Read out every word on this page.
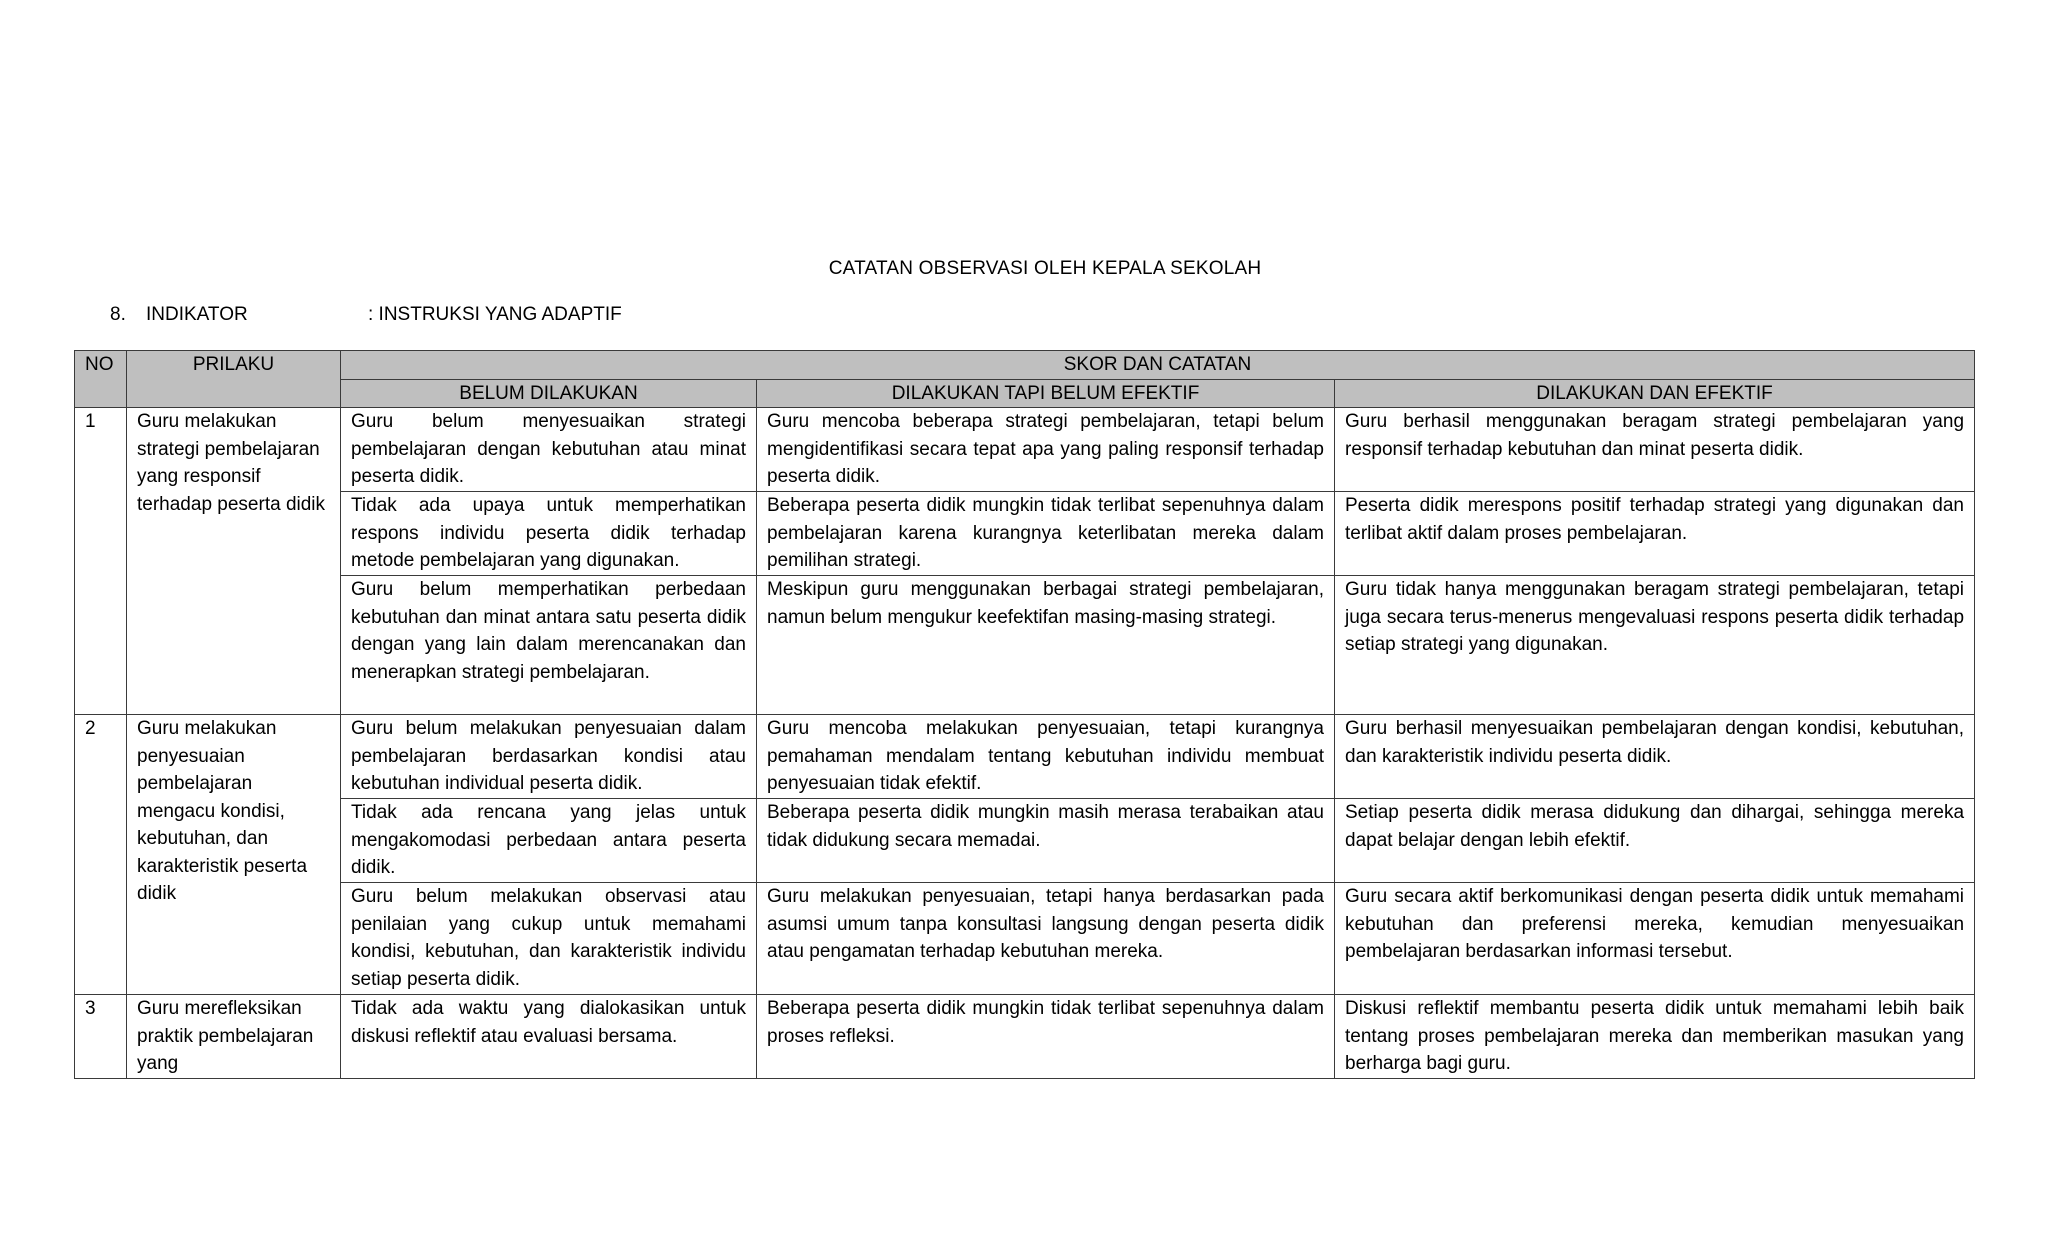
CATATAN OBSERVASI OLEH KEPALA SEKOLAH
8. INDIKATOR	: INSTRUKSI YANG ADAPTIF
NO	PRILAKU	SKOR DAN CATATAN		
		BELUM DILAKUKAN	DILAKUKAN TAPI BELUM EFEKTIF	DILAKUKAN DAN EFEKTIF
1	Guru melakukan strategi pembelajaran yang responsif terhadap peserta didik	Guru belum menyesuaikan strategi pembelajaran dengan kebutuhan atau minat peserta didik.	Guru mencoba beberapa strategi pembelajaran, tetapi belum mengidentifikasi secara tepat apa yang paling responsif terhadap peserta didik.	Guru berhasil menggunakan beragam strategi pembelajaran yang responsif terhadap kebutuhan dan minat peserta didik.
		Tidak ada upaya untuk memperhatikan respons individu peserta didik terhadap metode pembelajaran yang digunakan.	Beberapa peserta didik mungkin tidak terlibat sepenuhnya dalam pembelajaran karena kurangnya keterlibatan mereka dalam pemilihan strategi.	Peserta didik merespons positif terhadap strategi yang digunakan dan terlibat aktif dalam proses pembelajaran.
		Guru belum memperhatikan perbedaan kebutuhan dan minat antara satu peserta didik dengan yang lain dalam merencanakan dan menerapkan strategi pembelajaran.	Meskipun guru menggunakan berbagai strategi pembelajaran, namun belum mengukur keefektifan masing-masing strategi.	Guru tidak hanya menggunakan beragam strategi pembelajaran, tetapi juga secara terus-menerus mengevaluasi respons peserta didik terhadap setiap strategi yang digunakan.
2	Guru melakukan penyesuaian pembelajaran mengacu kondisi, kebutuhan, dan karakteristik peserta didik	Guru belum melakukan penyesuaian dalam pembelajaran berdasarkan kondisi atau kebutuhan individual peserta didik.	Guru mencoba melakukan penyesuaian, tetapi kurangnya pemahaman mendalam tentang kebutuhan individu membuat penyesuaian tidak efektif.	Guru berhasil menyesuaikan pembelajaran dengan kondisi, kebutuhan, dan karakteristik individu peserta didik.
		Tidak ada rencana yang jelas untuk mengakomodasi perbedaan antara peserta didik.	Beberapa peserta didik mungkin masih merasa terabaikan atau tidak didukung secara memadai.	Setiap peserta didik merasa didukung dan dihargai, sehingga mereka dapat belajar dengan lebih efektif.
		Guru belum melakukan observasi atau penilaian yang cukup untuk memahami kondisi, kebutuhan, dan karakteristik individu setiap peserta didik.	Guru melakukan penyesuaian, tetapi hanya berdasarkan pada asumsi umum tanpa konsultasi langsung dengan peserta didik atau pengamatan terhadap kebutuhan mereka.	Guru secara aktif berkomunikasi dengan peserta didik untuk memahami kebutuhan dan preferensi mereka, kemudian menyesuaikan pembelajaran berdasarkan informasi tersebut.
3	Guru merefleksikan praktik pembelajaran yang	Tidak ada waktu yang dialokasikan untuk diskusi reflektif atau evaluasi bersama.	Beberapa peserta didik mungkin tidak terlibat sepenuhnya dalam proses refleksi.	Diskusi reflektif membantu peserta didik untuk memahami lebih baik tentang proses pembelajaran mereka dan memberikan masukan yang berharga bagi guru.
